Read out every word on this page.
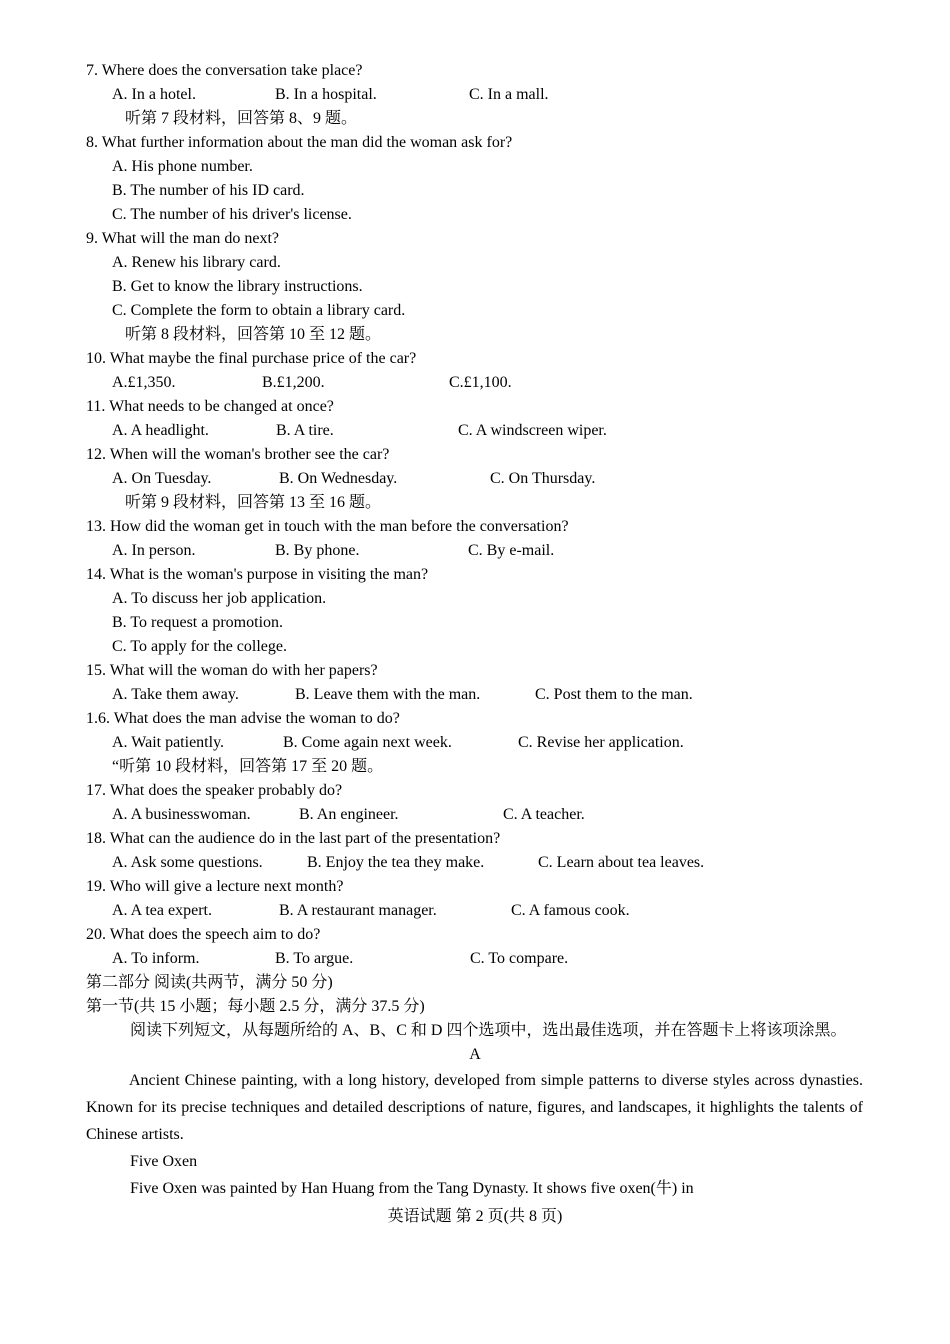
7. Where does the conversation take place?
A. In a hotel.	B. In a hospital.	C. In a mall.
听第 7 段材料，回答第 8、9 题。
8. What further information about the man did the woman ask for?
A. His phone number.
B. The number of his ID card.
C. The number of his driver's license.
9. What will the man do next?
A. Renew his library card.
B. Get to know the library instructions.
C. Complete the form to obtain a library card.
听第 8 段材料，回答第 10 至 12 题。
10. What maybe the final purchase price of the car?
A.£1,350.	B.£1,200.	C.£1,100.
11. What needs to be changed at once?
A. A headlight.	B. A tire.	C. A windscreen wiper.
12. When will the woman's brother see the car?
A. On Tuesday.	B. On Wednesday.	C. On Thursday.
听第 9 段材料，回答第 13 至 16 题。
13. How did the woman get in touch with the man before the conversation?
A. In person.	B. By phone.	C. By e-mail.
14. What is the woman's purpose in visiting the man?
A. To discuss her job application.
B. To request a promotion.
C. To apply for the college.
15. What will the woman do with her papers?
A. Take them away.	B. Leave them with the man.	C. Post them to the man.
1.6. What does the man advise the woman to do?
A. Wait patiently.	B. Come again next week.	C. Revise her application.
“听第 10 段材料，回答第 17 至 20 题。
17. What does the speaker probably do?
A. A businesswoman.	B. An engineer.	C. A teacher.
18. What can the audience do in the last part of the presentation?
A. Ask some questions.	B. Enjoy the tea they make.	C. Learn about tea leaves.
19. Who will give a lecture next month?
A. A tea expert.	B. A restaurant manager.	C. A famous cook.
20. What does the speech aim to do?
A. To inform.	B. To argue.	C. To compare.
第二部分 阅读(共两节，满分 50 分)
第一节(共 15 小题；每小题 2.5 分，满分 37.5 分)
阅读下列短文，从每题所给的 A、B、C 和 D 四个选项中，选出最佳选项，并在答题卡上将该项涂黑。
A
Ancient Chinese painting, with a long history, developed from simple patterns to diverse styles across dynasties. Known for its precise techniques and detailed descriptions of nature, figures, and landscapes, it highlights the talents of Chinese artists.
Five Oxen
Five Oxen was painted by Han Huang from the Tang Dynasty. It shows five oxen(牛) in
英语试题 第 2 页(共 8 页)
